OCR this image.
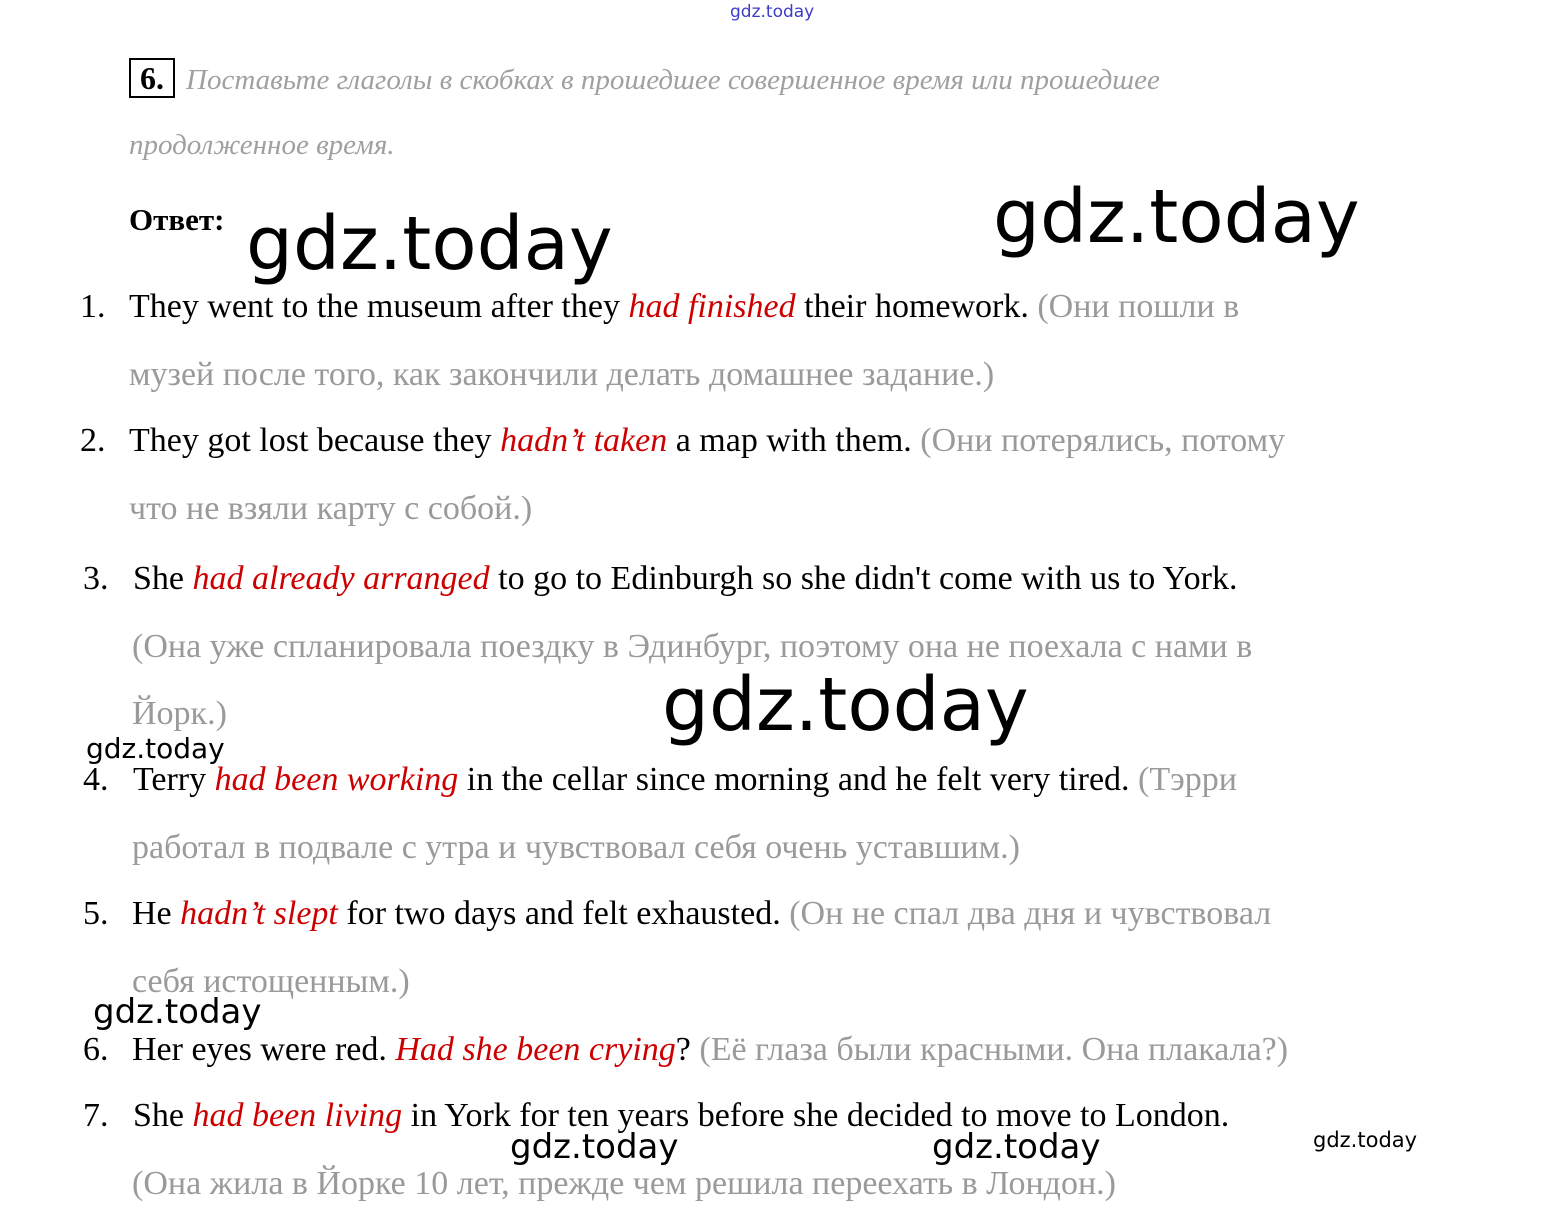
gdz.today
gdz.today	gdz.today
gdz.today
gdz.today
gdz.today
gdz.today	gdz.today	gdz.today
6. Поставьте глаголы в скобках в прошедшее совершенное время или прошедшее
продолженное время.
Ответ:
1. They went to the museum after they had finished their homework. (Они пошли в
музей после того, как закончили делать домашнее задание.)
2. They got lost because they hadn’t taken a map with them. (Они потерялись, потому
что не взяли карту с собой.)
3. She had already arranged to go to Edinburgh so she didn't come with us to York.
(Она уже спланировала поездку в Эдинбург, поэтому она не поехала с нами в
Йорк.)
4. Terry had been working in the cellar since morning and he felt very tired. (Тэрри
работал в подвале с утра и чувствовал себя очень уставшим.)
5. He hadn’t slept for two days and felt exhausted. (Он не спал два дня и чувствовал
себя истощенным.)
6. Her eyes were red. Had she been crying? (Её глаза были красными. Она плакала?)
7. She had been living in York for ten years before she decided to move to London.
(Она жила в Йорке 10 лет, прежде чем решила переехать в Лондон.)
